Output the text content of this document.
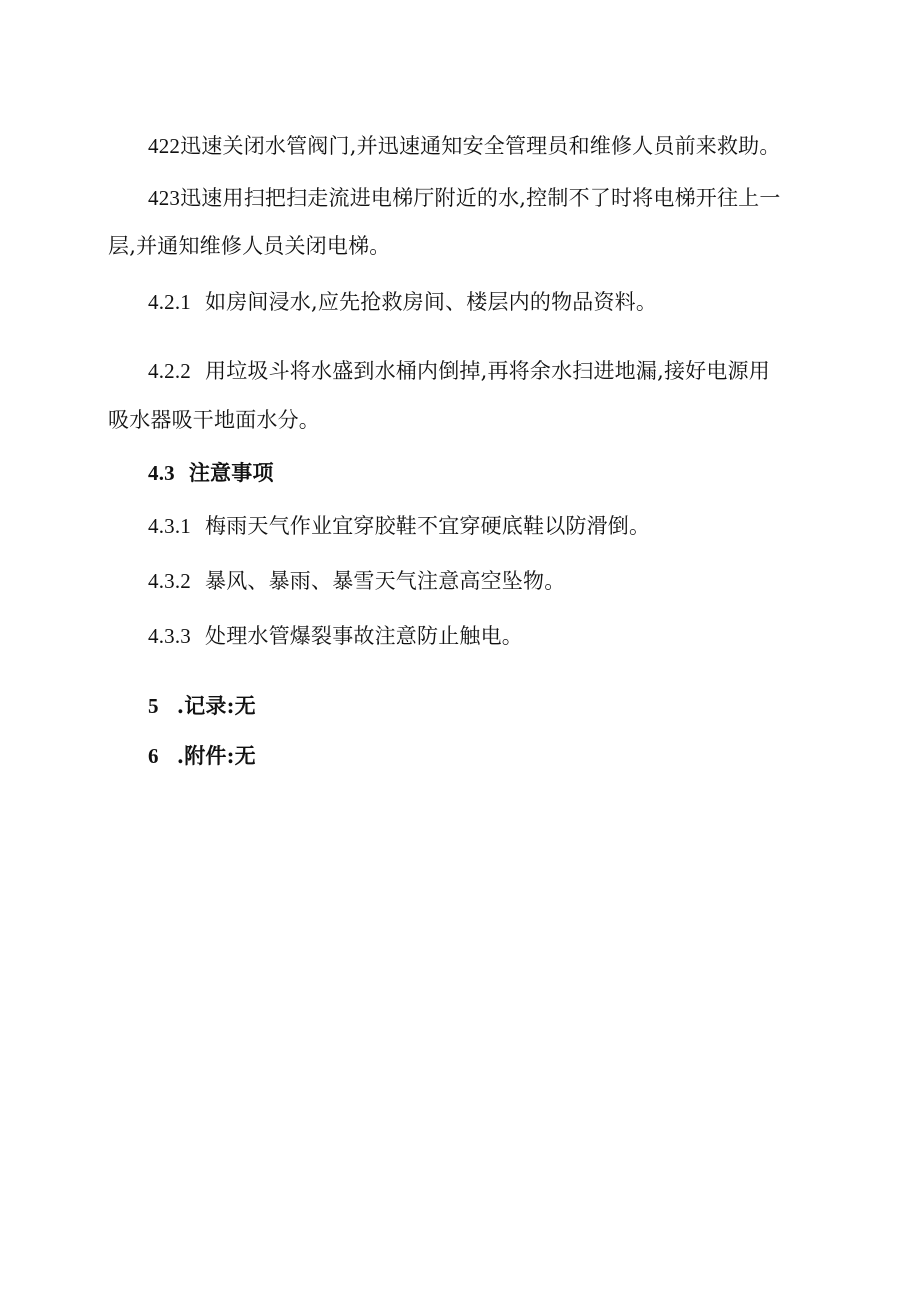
422迅速关闭水管阀门,并迅速通知安全管理员和维修人员前来救助。
423迅速用扫把扫走流进电梯厅附近的水,控制不了时将电梯开往上一
层,并通知维修人员关闭电梯。
4.2.1 如房间浸水,应先抢救房间、楼层内的物品资料。
4.2.2 用垃圾斗将水盛到水桶内倒掉,再将余水扫进地漏,接好电源用
吸水器吸干地面水分。
4.3 注意事项
4.3.1 梅雨天气作业宜穿胶鞋不宜穿硬底鞋以防滑倒。
4.3.2 暴风、暴雨、暴雪天气注意高空坠物。
4.3.3 处理水管爆裂事故注意防止触电。
5 .记录:无
6 .附件:无
